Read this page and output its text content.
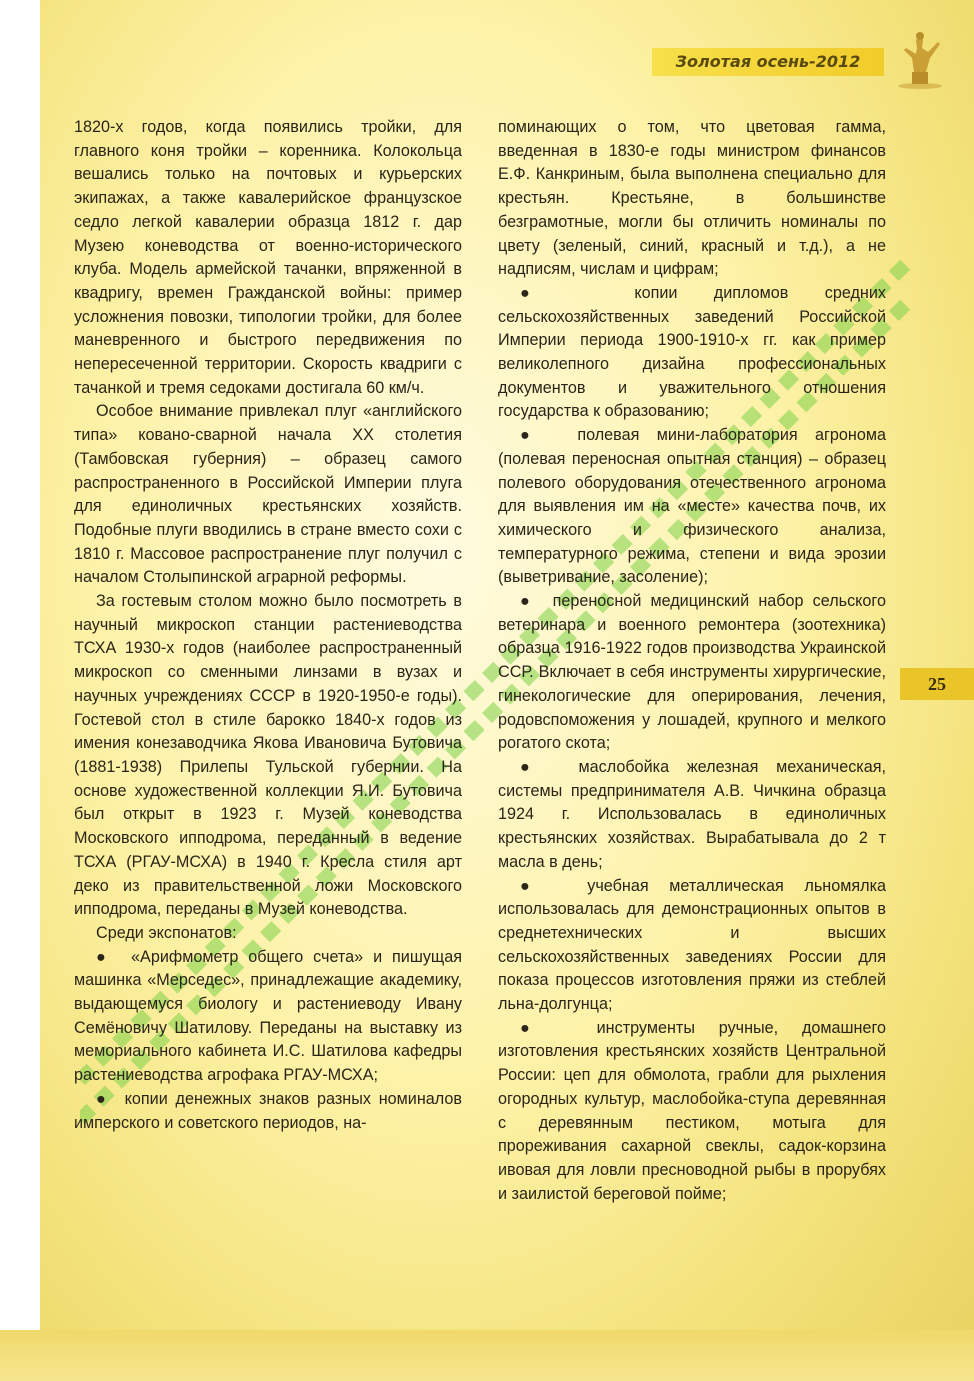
Золотая осень-2012
25

1820-х годов, когда появились тройки, для главного коня тройки – коренника. Колокольца вешались только на почтовых и курьерских экипажах, а также кавалерийское французское седло легкой кавалерии образца 1812 г. дар Музею коневодства от военно-исторического клуба. Модель армейской тачанки, впряженной в квадригу, времен Гражданской войны: пример усложнения повозки, типологии тройки, для более маневренного и быстрого передвижения по непересеченной территории. Скорость квадриги с тачанкой и тремя седоками достигала 60 км/ч.

Особое внимание привлекал плуг «английского типа» ковано-сварной начала XX столетия (Тамбовская губерния) – образец самого распространенного в Российской Империи плуга для единоличных крестьянских хозяйств. Подобные плуги вводились в стране вместо сохи с 1810 г. Массовое распространение плуг получил с началом Столыпинской аграрной реформы.

За гостевым столом можно было посмотреть в научный микроскоп станции растениеводства ТСХА 1930-х годов (наиболее распространенный микроскоп со сменными линзами в вузах и научных учреждениях СССР в 1920-1950-е годы). Гостевой стол в стиле барокко 1840-х годов из имения конезаводчика Якова Ивановича Бутовича (1881-1938) Прилепы Тульской губернии. На основе художественной коллекции Я.И. Бутовича был открыт в 1923 г. Музей коневодства Московского ипподрома, переданный в ведение ТСХА (РГАУ-МСХА) в 1940 г. Кресла стиля арт деко из правительственной ложи Московского ипподрома, переданы в Музей коневодства.

Среди экспонатов:

● «Арифмометр общего счета» и пишущая машинка «Мерседес», принадлежащие академику, выдающемуся биологу и растениеводу Ивану Семёновичу Шатилову. Переданы на выставку из мемориального кабинета И.С. Шатилова кафедры растениеводства агрофака РГАУ-МСХА;

● копии денежных знаков разных номиналов имперского и советского периодов, на-

поминающих о том, что цветовая гамма, введенная в 1830-е годы министром финансов Е.Ф. Канкриным, была выполнена специально для крестьян. Крестьяне, в большинстве безграмотные, могли бы отличить номиналы по цвету (зеленый, синий, красный и т.д.), а не надписям, числам и цифрам;

●	копии дипломов средних сельскохозяйственных заведений Российской Империи периода 1900-1910-х гг. как пример великолепного дизайна профессиональных документов и уважительного отношения государства к образованию;

● полевая мини-лаборатория агронома (полевая переносная опытная станция) – образец полевого оборудования отечественного агронома для выявления им на «месте» качества почв, их химического и физического анализа, температурного режима, степени и вида эрозии (выветривание, засоление);

● переносной медицинский набор сельского ветеринара и военного ремонтера (зоотехника) образца 1916-1922 годов производства Украинской ССР. Включает в себя инструменты хирургические, гинекологические для оперирования, лечения, родовспоможения у лошадей, крупного и мелкого рогатого скота;

● маслобойка железная механическая, системы предпринимателя А.В. Чичкина образца 1924 г. Использовалась в единоличных крестьянских хозяйствах. Вырабатывала до 2 т масла в день;

●	учебная металлическая льномялка использовалась для демонстрационных опытов в среднетехнических и высших сельскохозяйственных заведениях России для показа процессов изготовления пряжи из стеблей льна-долгунца;

●	инструменты ручные, домашнего изготовления крестьянских хозяйств Центральной России: цеп для обмолота, грабли для рыхления огородных культур, маслобойка-ступа деревянная с деревянным пестиком, мотыга для прореживания сахарной свеклы, садок-корзина ивовая для ловли пресноводной рыбы в прорубях и заилистой береговой пойме;
